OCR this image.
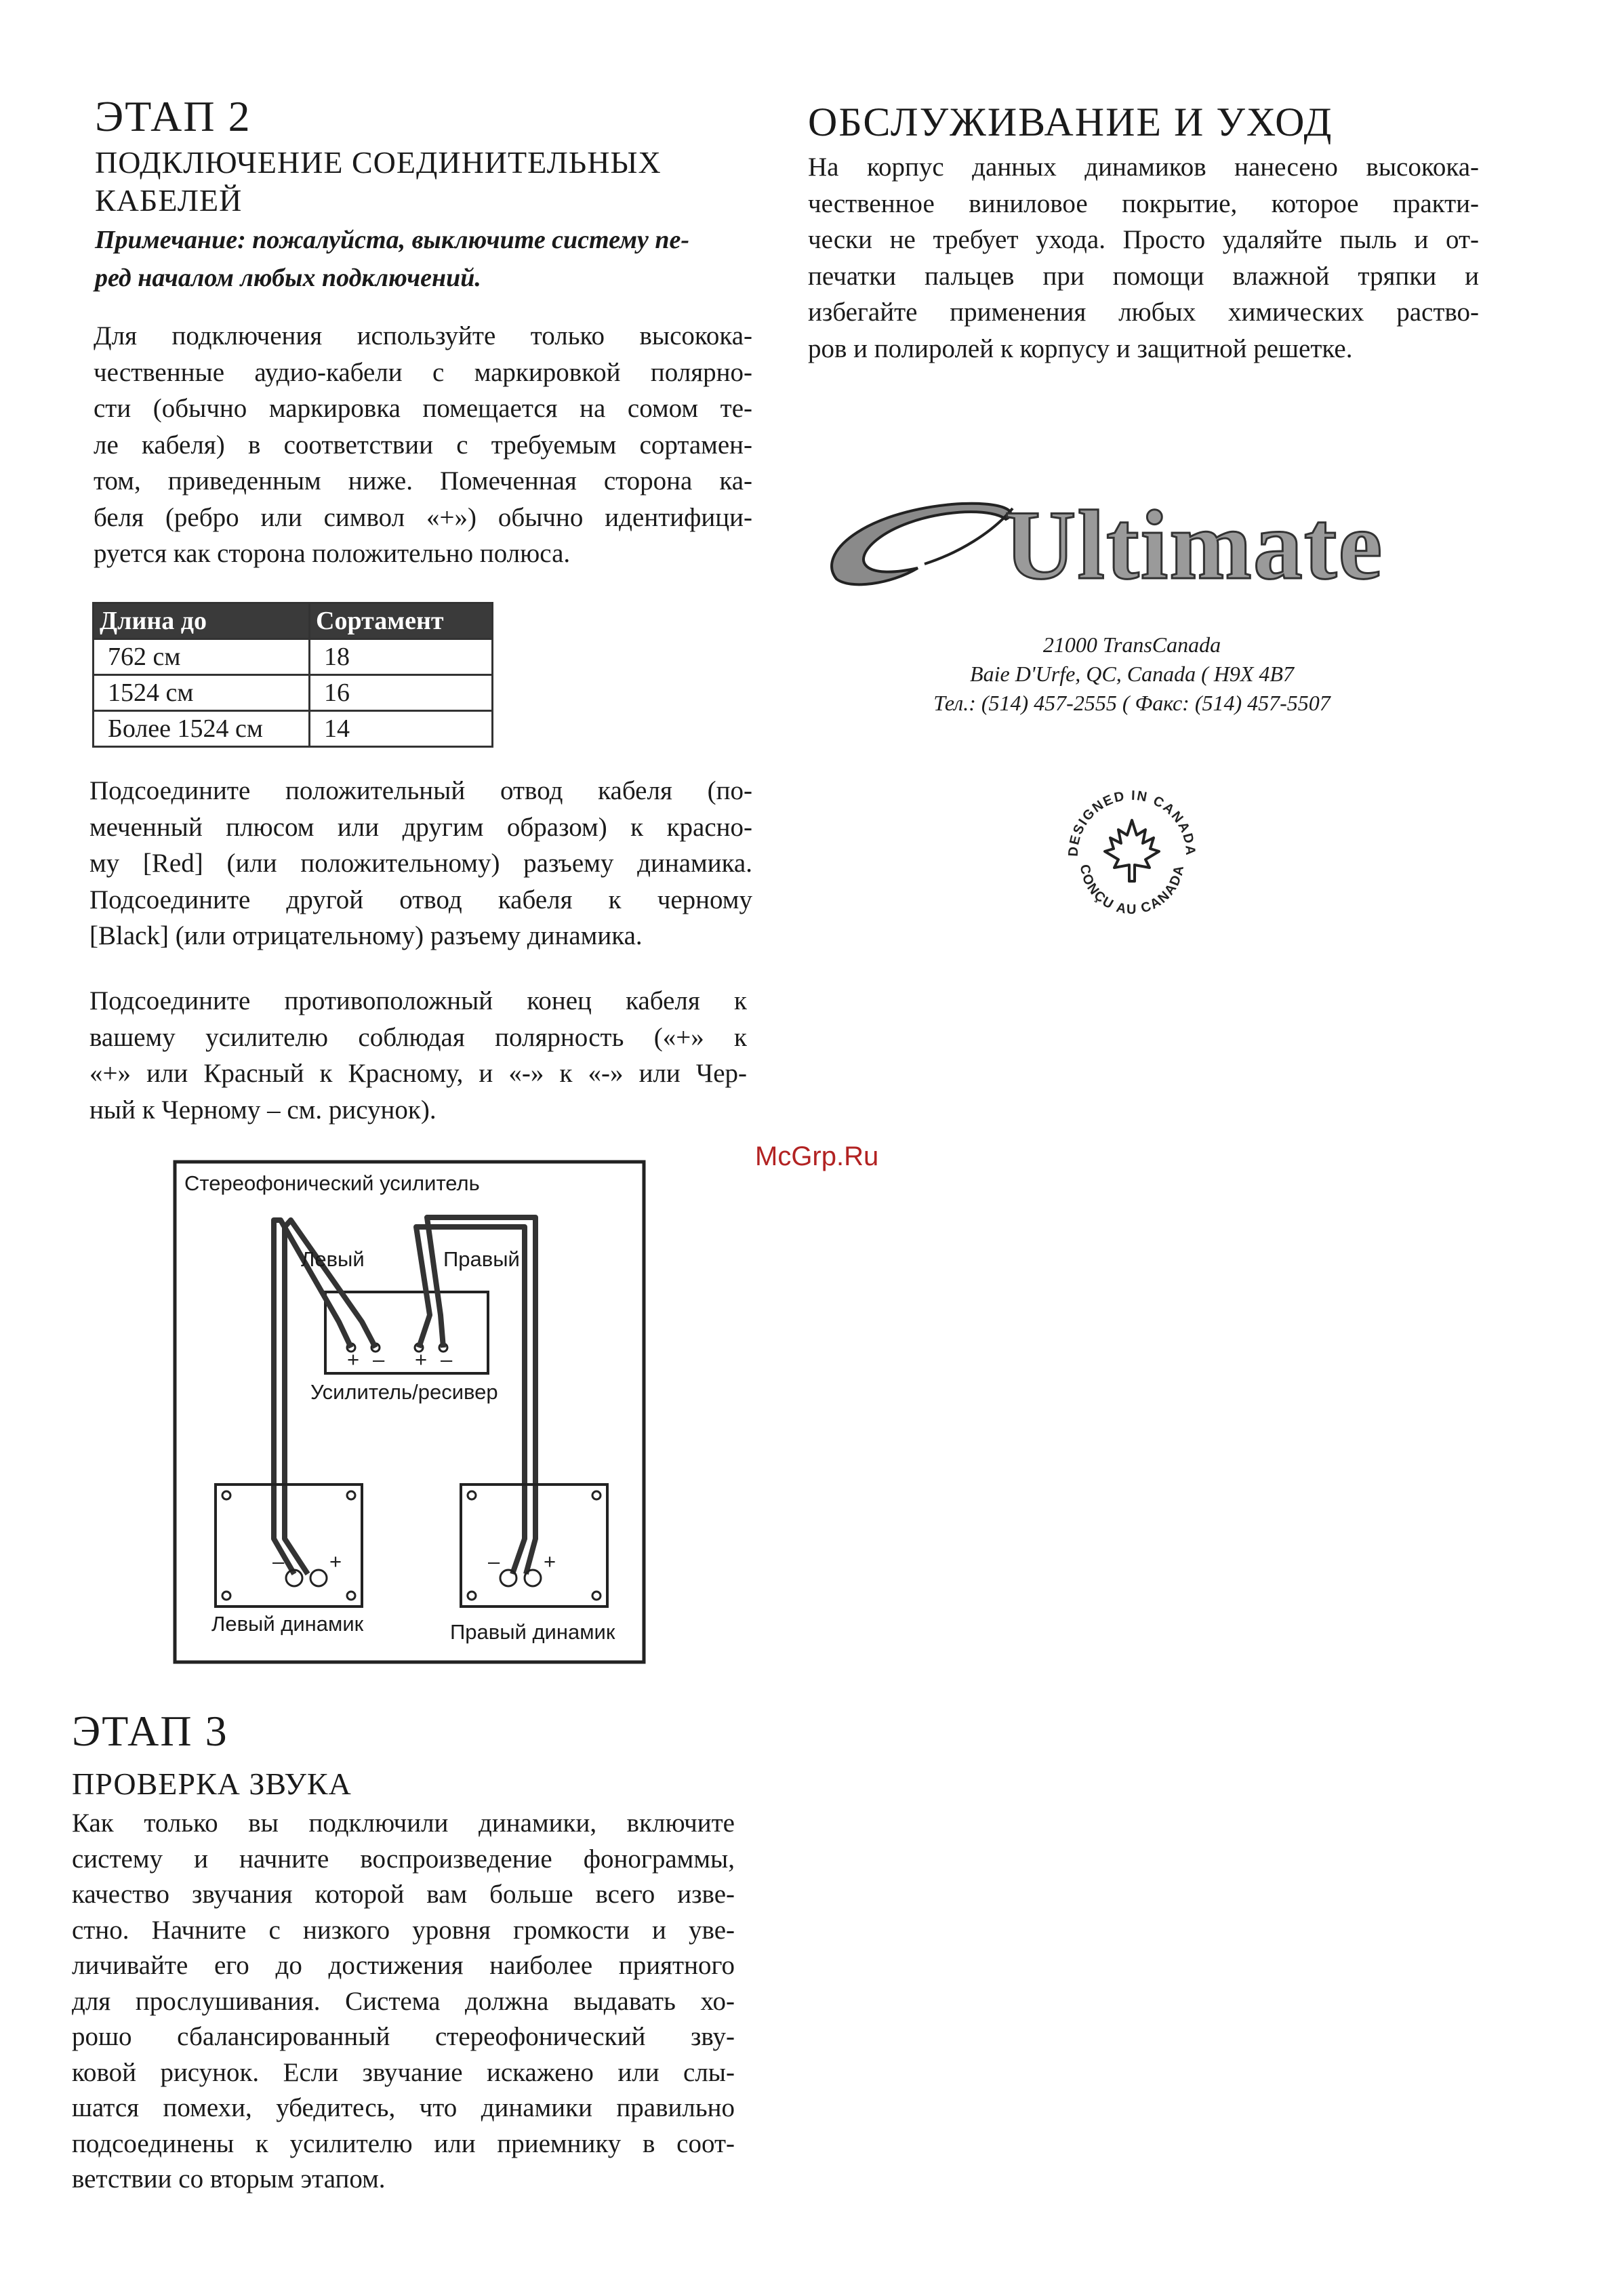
ЭТАП 2
ПОДКЛЮЧЕНИЕ СОЕДИНИТЕЛЬНЫХ
КАБЕЛЕЙ
Примечание: пожалуйста, выключите систему пе-
ред началом любых подключений.
Для подключения используйте только высокока-
чественные аудио-кабели с маркировкой полярно-
сти (обычно маркировка помещается на сомом те-
ле кабеля) в соответствии с требуемым сортамен-
том, приведенным ниже. Помеченная сторона ка-
беля (ребро или символ «+») обычно идентифици-
руется как сторона положительно полюса.
Длина до	Сортамент
762 см	18
1524 см	16
Более 1524 см	14
Подсоедините положительный отвод кабеля (по-
меченный плюсом или другим образом) к красно-
му [Red] (или положительному) разъему динамика.
Подсоедините другой отвод кабеля к черному
[Black] (или отрицательному) разъему динамика.
Подсоедините противоположный конец кабеля к
вашему усилителю соблюдая полярность («+» к
«+» или Красный к Красному, и «-» к «-» или Чер-
ный к Черному – см. рисунок).
+ – + –
– +	– +
Стереофонический усилитель
Левый	Правый
Усилитель/ресивер
Левый динамик	Правый динамик
ЭТАП 3
ПРОВЕРКА ЗВУКА
Как только вы подключили динамики, включите
систему и начните воспроизведение фонограммы,
качество звучания которой вам больше всего изве-
стно. Начните с низкого уровня громкости и уве-
личивайте его до достижения наиболее приятного
для прослушивания. Система должна выдавать хо-
рошо сбалансированный стереофонический зву-
ковой рисунок. Если звучание искажено или слы-
шатся помехи, убедитесь, что динамики правильно
подсоединены к усилителю или приемнику в соот-
ветствии со вторым этапом.
ОБСЛУЖИВАНИЕ И УХОД
На корпус данных динамиков нанесено высокока-
чественное виниловое покрытие, которое практи-
чески не требует ухода. Просто удаляйте пыль и от-
печатки пальцев при помощи влажной тряпки и
избегайте применения любых химических раство-
ров и полиролей к корпусу и защитной решетке.
Ultimate
21000 TransCanada
Baie D'Urfe, QC, Canada ( H9X 4B7
Тел.: (514) 457-2555 ( Факс: (514) 457-5507
DESIGNED IN CANADA
CONÇU AU CANADA
McGrp.Ru
